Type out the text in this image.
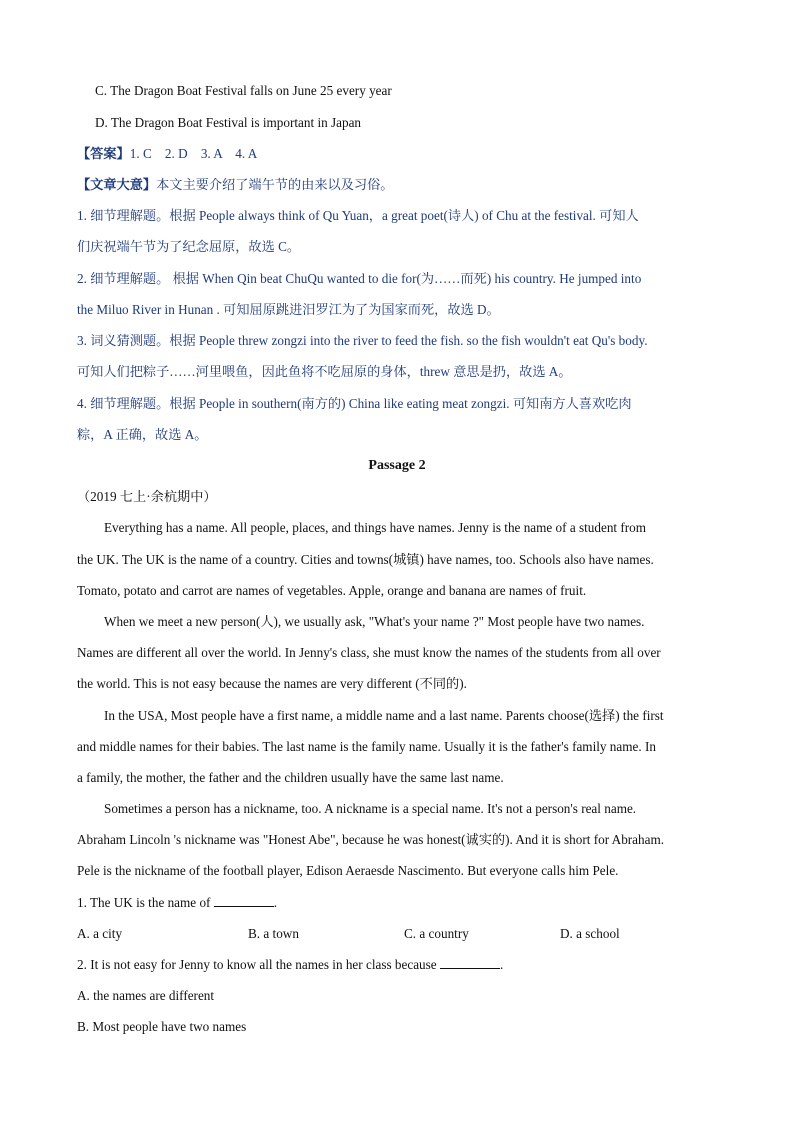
C. The Dragon Boat Festival falls on June 25 every year
D. The Dragon Boat Festival is important in Japan
【答案】1. C    2. D    3. A    4. A
【文章大意】本文主要介绍了端午节的由来以及习俗。
1. 细节理解题。根据 People always think of Qu Yuan，a great poet(诗人) of Chu at the festival. 可知人
们庆祝端午节为了纪念屈原，故选 C。
2. 细节理解题。 根据 When Qin beat ChuQu wanted to die for(为……而死) his country. He jumped into
the Miluo River in Hunan . 可知屈原跳进汨罗江为了为国家而死，故选 D。
3. 词义猜测题。根据 People threw zongzi into the river to feed the fish. so the fish wouldn't eat Qu's body.
可知人们把粽子……河里喂鱼，因此鱼将不吃屈原的身体，threw 意思是扔，故选 A。
4. 细节理解题。根据 People in southern(南方的) China like eating meat zongzi. 可知南方人喜欢吃肉
粽，A 正确，故选 A。
Passage 2
（2019 七上·余杭期中）
Everything has a name. All people, places, and things have names. Jenny is the name of a student from
the UK. The UK is the name of a country. Cities and towns(城镇) have names, too. Schools also have names.
Tomato, potato and carrot are names of vegetables. Apple, orange and banana are names of fruit.
When we meet a new person(人), we usually ask, "What's your name ?" Most people have two names.
Names are different all over the world. In Jenny's class, she must know the names of the students from all over
the world. This is not easy because the names are very different (不同的).
In the USA, Most people have a first name, a middle name and a last name. Parents choose(选择) the first
and middle names for their babies. The last name is the family name. Usually it is the father's family name. In
a family, the mother, the father and the children usually have the same last name.
Sometimes a person has a nickname, too. A nickname is a special name. It's not a person's real name.
Abraham Lincoln 's nickname was "Honest Abe", because he was honest(诚实的). And it is short for Abraham.
Pele is the nickname of the football player, Edison Aeraesde Nascimento. But everyone calls him Pele.
1. The UK is the name of	.
A. a city	B. a town	C. a country	D. a school
2. It is not easy for Jenny to know all the names in her class because	.
A. the names are different
B. Most people have two names
